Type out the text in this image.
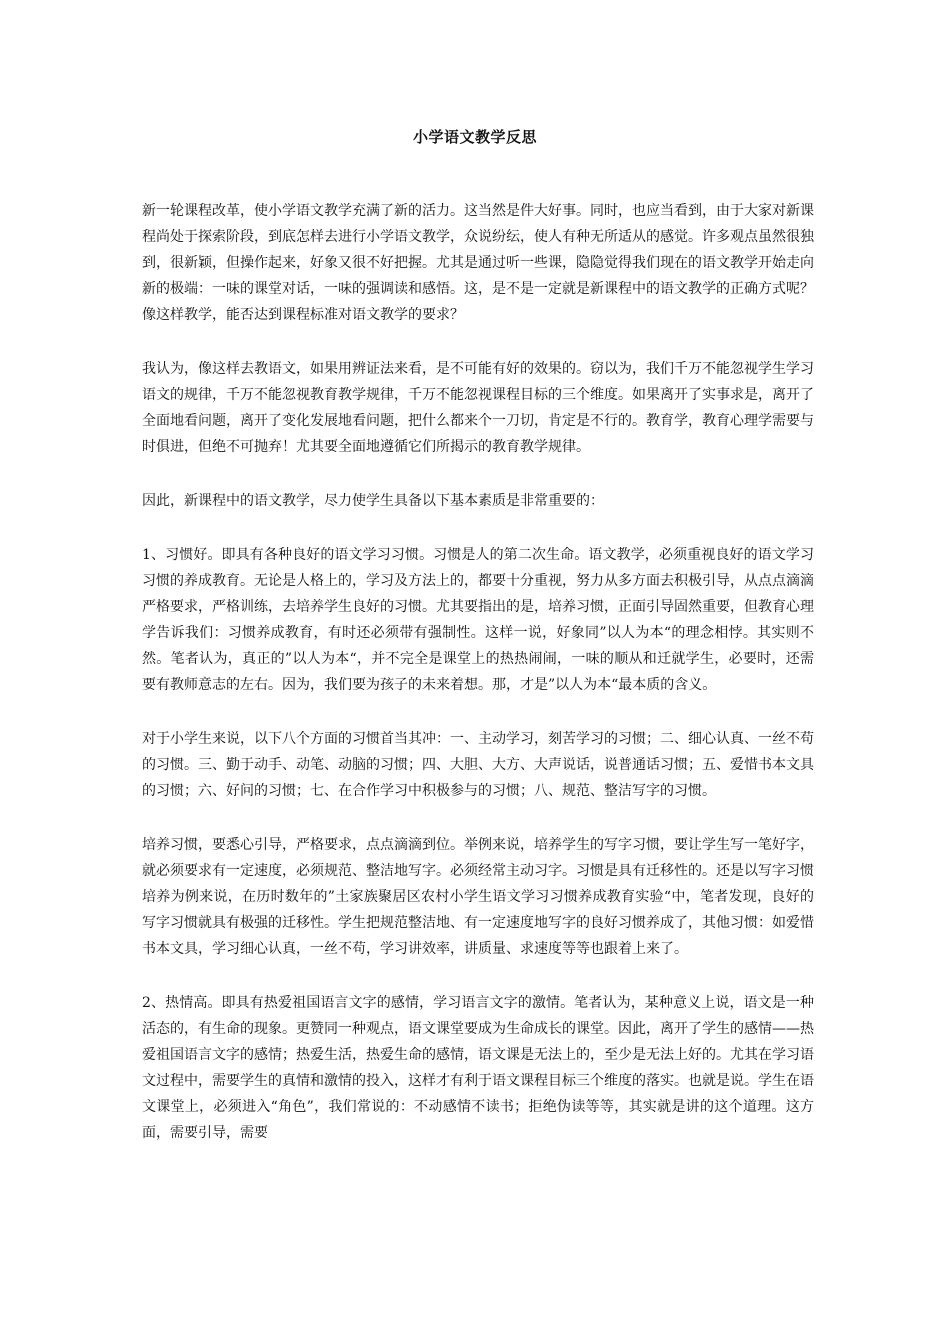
小学语文教学反思

新一轮课程改革，使小学语文教学充满了新的活力。这当然是件大好事。同时，也应当看到，由于大家对新课程尚处于探索阶段，到底怎样去进行小学语文教学，众说纷纭，使人有种无所适从的感觉。许多观点虽然很独到，很新颖，但操作起来，好象又很不好把握。尤其是通过听一些课，隐隐觉得我们现在的语文教学开始走向新的极端：一味的课堂对话，一味的强调读和感悟。这，是不是一定就是新课程中的语文教学的正确方式呢？像这样教学，能否达到课程标准对语文教学的要求？

我认为，像这样去教语文，如果用辨证法来看，是不可能有好的效果的。窃以为，我们千万不能忽视学生学习语文的规律，千万不能忽视教育教学规律，千万不能忽视课程目标的三个维度。如果离开了实事求是，离开了全面地看问题，离开了变化发展地看问题，把什么都来个一刀切，肯定是不行的。教育学，教育心理学需要与时俱进，但绝不可抛弃！尤其要全面地遵循它们所揭示的教育教学规律。

因此，新课程中的语文教学，尽力使学生具备以下基本素质是非常重要的：

1、习惯好。即具有各种良好的语文学习习惯。习惯是人的第二次生命。语文教学，必须重视良好的语文学习习惯的养成教育。无论是人格上的，学习及方法上的，都要十分重视，努力从多方面去积极引导，从点点滴滴严格要求，严格训练，去培养学生良好的习惯。尤其要指出的是，培养习惯，正面引导固然重要，但教育心理学告诉我们：习惯养成教育，有时还必须带有强制性。这样一说，好象同”以人为本“的理念相悖。其实则不然。笔者认为，真正的”以人为本“，并不完全是课堂上的热热闹闹，一味的顺从和迁就学生，必要时，还需要有教师意志的左右。因为，我们要为孩子的未来着想。那，才是”以人为本“最本质的含义。

对于小学生来说，以下八个方面的习惯首当其冲：一、主动学习，刻苦学习的习惯；二、细心认真、一丝不苟的习惯。三、勤于动手、动笔、动脑的习惯；四、大胆、大方、大声说话，说普通话习惯；五、爱惜书本文具的习惯；六、好问的习惯；七、在合作学习中积极参与的习惯；八、规范、整洁写字的习惯。

培养习惯，要悉心引导，严格要求，点点滴滴到位。举例来说，培养学生的写字习惯，要让学生写一笔好字，就必须要求有一定速度，必须规范、整洁地写字。必须经常主动习字。习惯是具有迁移性的。还是以写字习惯培养为例来说，在历时数年的”土家族聚居区农村小学生语文学习习惯养成教育实验“中，笔者发现，良好的写字习惯就具有极强的迁移性。学生把规范整洁地、有一定速度地写字的良好习惯养成了，其他习惯：如爱惜书本文具，学习细心认真，一丝不苟，学习讲效率，讲质量、求速度等等也跟着上来了。

2、热情高。即具有热爱祖国语言文字的感情，学习语言文字的激情。笔者认为，某种意义上说，语文是一种活态的，有生命的现象。更赞同一种观点，语文课堂要成为生命成长的课堂。因此，离开了学生的感情——热爱祖国语言文字的感情；热爱生活，热爱生命的感情，语文课是无法上的，至少是无法上好的。尤其在学习语文过程中，需要学生的真情和激情的投入，这样才有利于语文课程目标三个维度的落实。也就是说。学生在语文课堂上，必须进入“角色”，我们常说的：不动感情不读书；拒绝伪读等等，其实就是讲的这个道理。这方面，需要引导，需要
